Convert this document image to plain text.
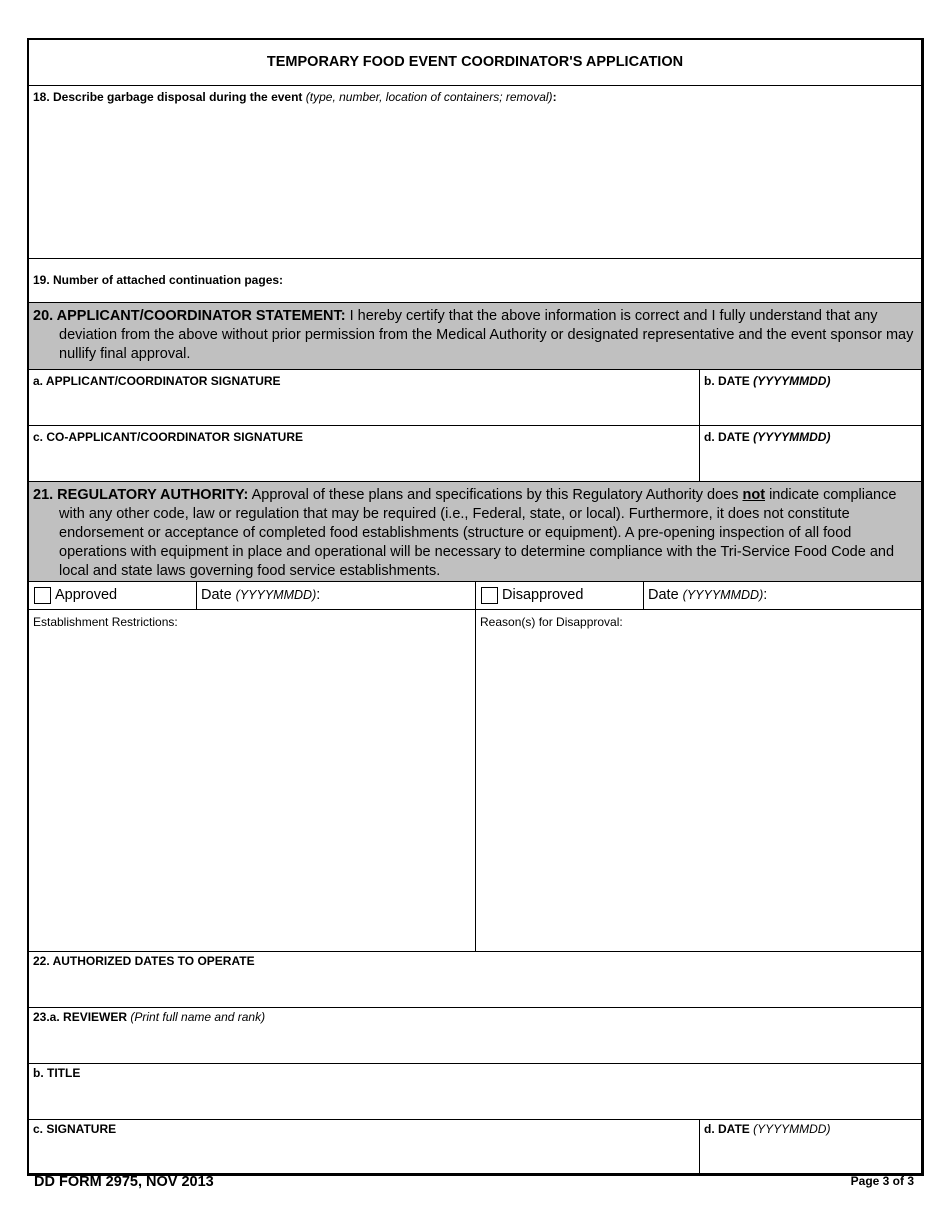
TEMPORARY FOOD EVENT COORDINATOR'S APPLICATION
18. Describe garbage disposal during the event (type, number, location of containers; removal):
19. Number of attached continuation pages:
20. APPLICANT/COORDINATOR STATEMENT: I hereby certify that the above information is correct and I fully understand that any deviation from the above without prior permission from the Medical Authority or designated representative and the event sponsor may nullify final approval.
a. APPLICANT/COORDINATOR SIGNATURE	b. DATE (YYYYMMDD)
c. CO-APPLICANT/COORDINATOR SIGNATURE	d. DATE (YYYYMMDD)
21. REGULATORY AUTHORITY: Approval of these plans and specifications by this Regulatory Authority does not indicate compliance with any other code, law or regulation that may be required (i.e., Federal, state, or local). Furthermore, it does not constitute endorsement or acceptance of completed food establishments (structure or equipment). A pre-opening inspection of all food operations with equipment in place and operational will be necessary to determine compliance with the Tri-Service Food Code and local and state laws governing food service establishments.
Approved	Date (YYYYMMDD):	Disapproved	Date (YYYYMMDD):
Establishment Restrictions:	Reason(s) for Disapproval:
22. AUTHORIZED DATES TO OPERATE
23.a. REVIEWER (Print full name and rank)
b. TITLE
c. SIGNATURE	d. DATE (YYYYMMDD)
DD FORM 2975, NOV 2013	Page 3 of 3
